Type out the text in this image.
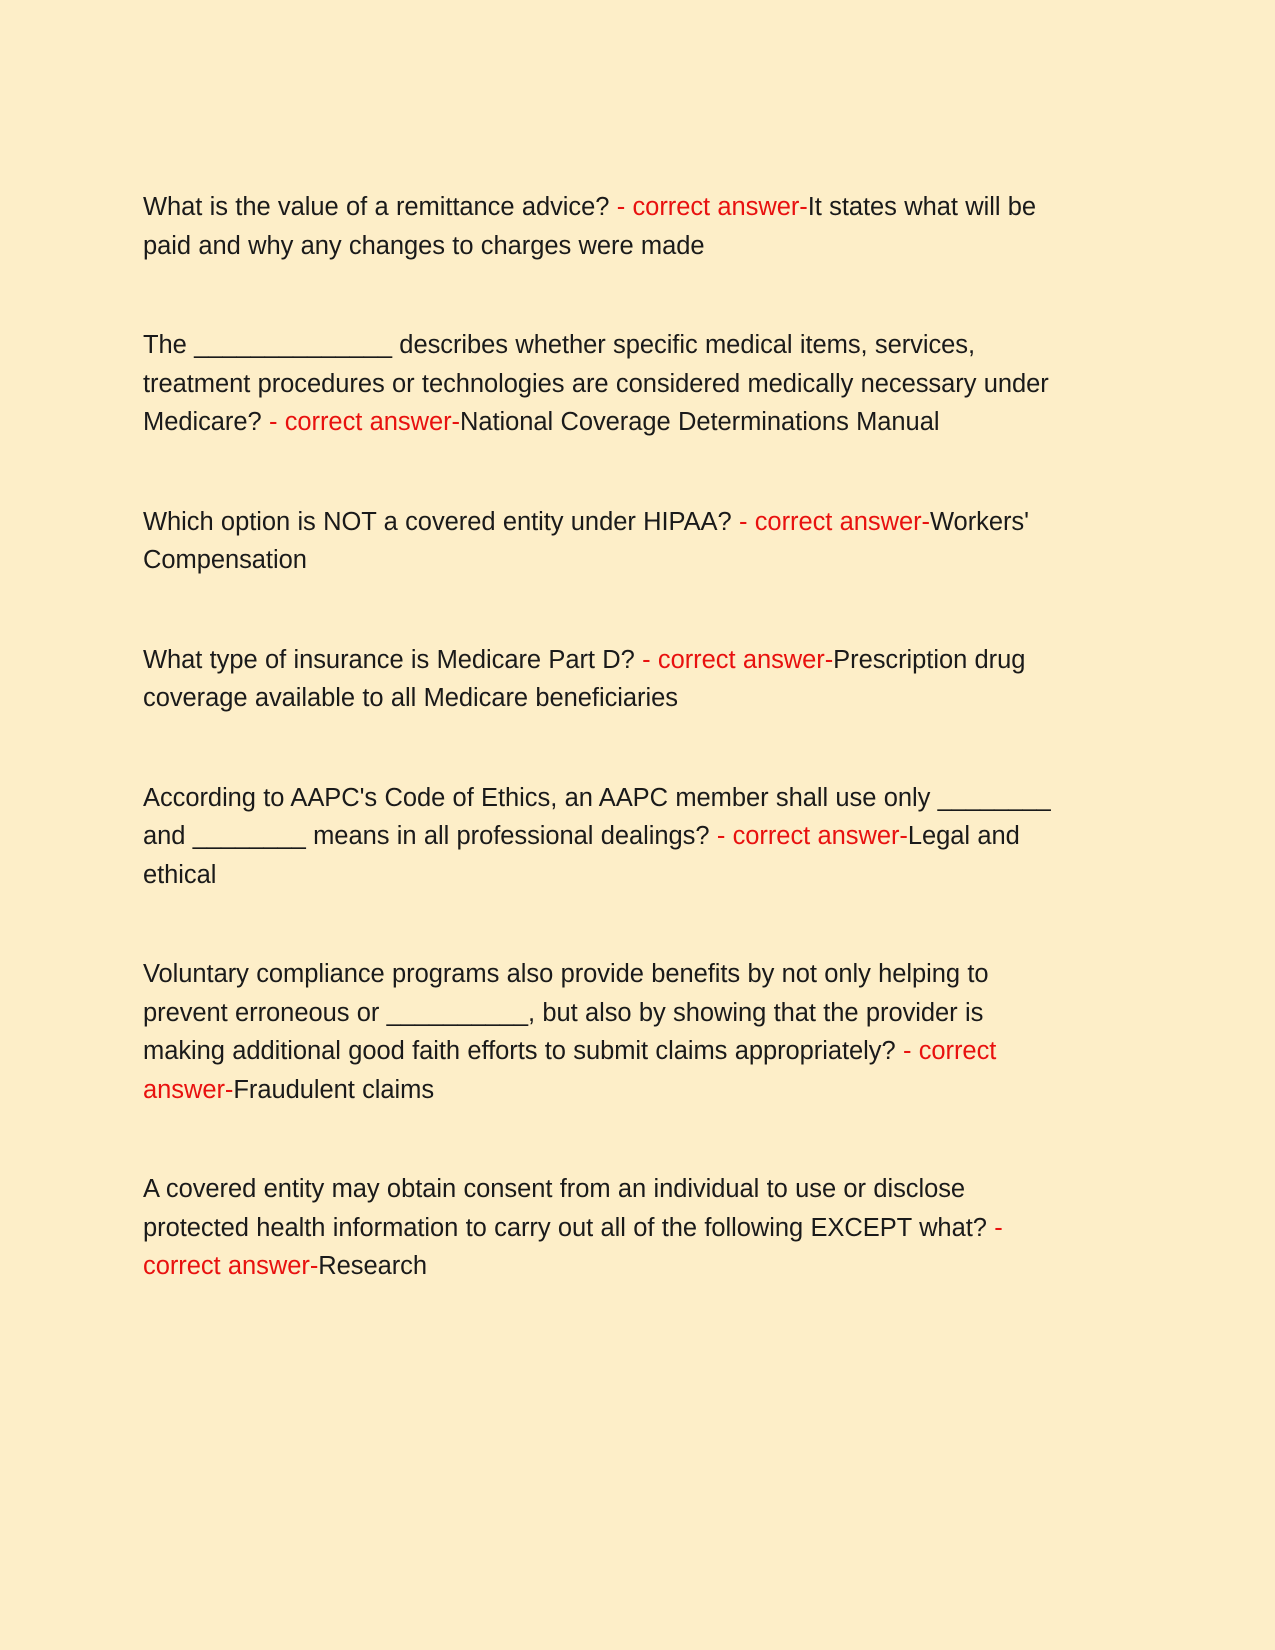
What is the value of a remittance advice? - correct answer-It states what will be paid and why any changes to charges were made

The ______________ describes whether specific medical items, services, treatment procedures or technologies are considered medically necessary under Medicare? - correct answer-National Coverage Determinations Manual

Which option is NOT a covered entity under HIPAA? - correct answer-Workers' Compensation

What type of insurance is Medicare Part D? - correct answer-Prescription drug coverage available to all Medicare beneficiaries

According to AAPC's Code of Ethics, an AAPC member shall use only ________ and ________ means in all professional dealings? - correct answer-Legal and ethical

Voluntary compliance programs also provide benefits by not only helping to prevent erroneous or __________, but also by showing that the provider is making additional good faith efforts to submit claims appropriately? - correct answer-Fraudulent claims

A covered entity may obtain consent from an individual to use or disclose protected health information to carry out all of the following EXCEPT what? - correct answer-Research
